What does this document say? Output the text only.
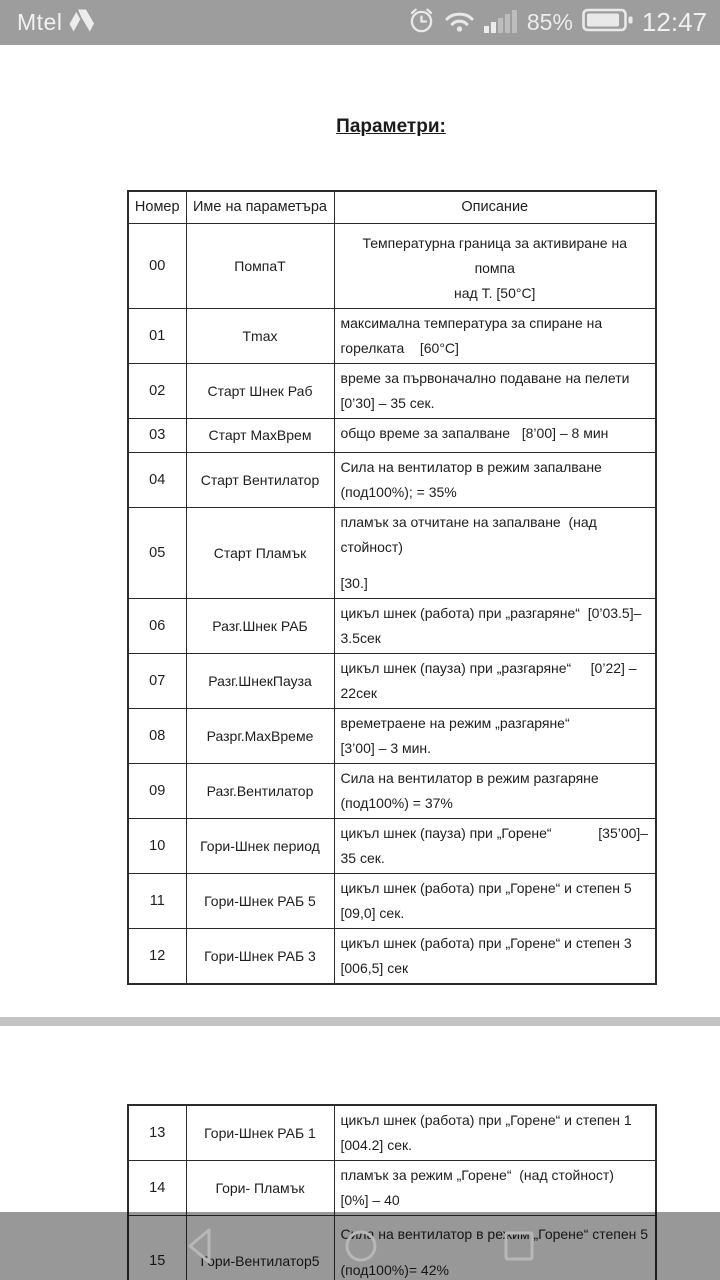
Mtel	85%	12:47
Параметри:
Номер	Име на параметъра	Описание
00	ПомпаТ	Температурна граница за активиране на помпа
над Т. [50°C]

01	Tmax	максимална температура за спиране на
горелката    [60°C]

02	Старт Шнек Раб	време за първоначално подаване на пелети
[0’30] – 35 сек.

03	Старт MaxВрем	общо време за запалване   [8’00] – 8 мин

04	Старт Вентилатор	Сила на вентилатор в режим запалване
(под100%); = 35%

05	Старт Пламък	пламък за отчитане на запалване  (над стойност)
[30.]

06	Разг.Шнек РАБ	цикъл шнек (работа) при „разгаряне“  [0’03.5]–
3.5сек

07	Разг.ШнекПауза	цикъл шнек (пауза) при „разгаряне“     [0’22] –
22сек

08	Разрг.MaxВреме	времетраене на режим „разгаряне“
[3’00] – 3 мин.

09	Разг.Вентилатор	Сила на вентилатор в режим разгаряне
(под100%) = 37%

10	Гори-Шнек период	цикъл шнек (пауза) при „Горене“            [35’00]–
35 сек.

11	Гори-Шнек РАБ 5	цикъл шнек (работа) при „Горене“ и степен 5
[09,0] сек.

12	Гори-Шнек РАБ 3	цикъл шнек (работа) при „Горене“ и степен 3
[006,5] сек
13	Гори-Шнек РАБ 1	цикъл шнек (работа) при „Горене“ и степен 1
[004.2] сек.

14	Гори- Пламък	пламък за режим „Горене“  (над стойност)
[0%] – 40

15	Гори-Вентилатор5	Сила на вентилатор в режим „Горене“ степен 5
(под100%)= 42%
